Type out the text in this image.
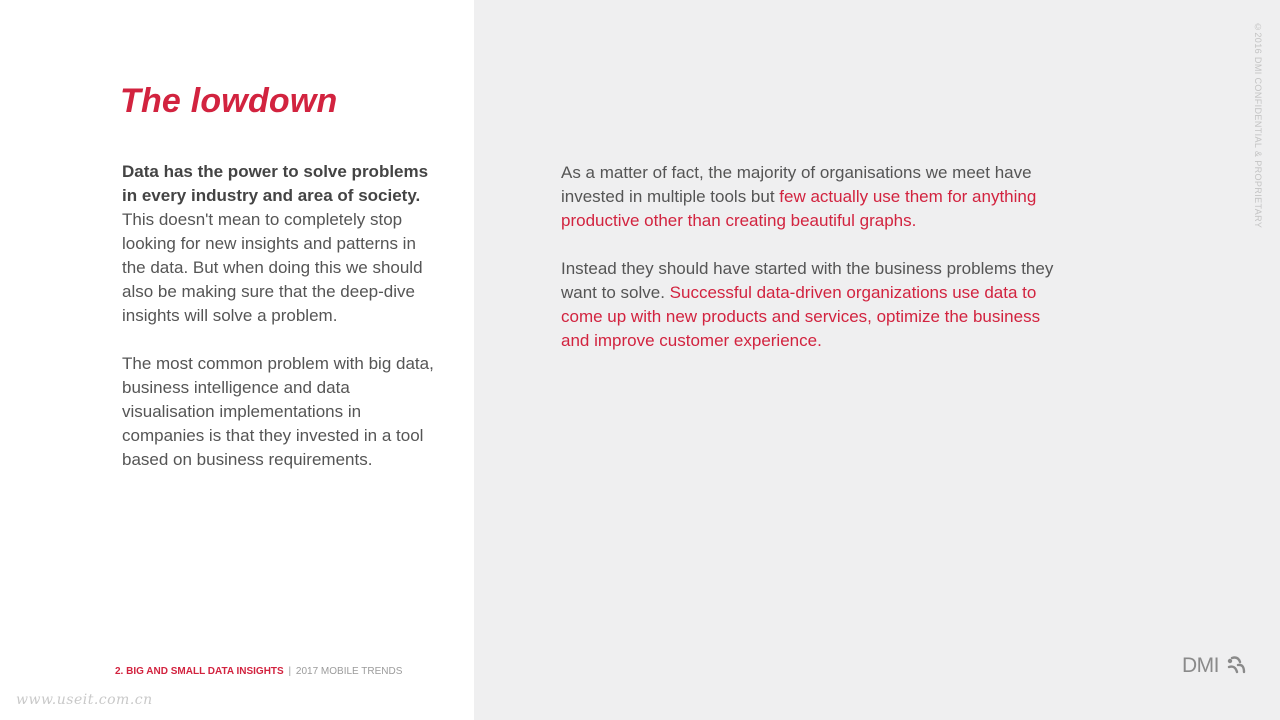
The lowdown

Data has the power to solve problems in every industry and area of society. This doesn't mean to completely stop looking for new insights and patterns in the data. But when doing this we should also be making sure that the deep-dive insights will solve a problem.

The most common problem with big data, business intelligence and data visualisation implementations in companies is that they invested in a tool based on business requirements.

As a matter of fact, the majority of organisations we meet have invested in multiple tools but few actually use them for anything productive other than creating beautiful graphs.

Instead they should have started with the business problems they want to solve. Successful data-driven organizations use data to come up with new products and services, optimize the business and improve customer experience.

2. BIG AND SMALL DATA INSIGHTS | 2017 MOBILE TRENDS
©2016 DMI CONFIDENTIAL & PROPRIETARY
DMI
www.useit.com.cn
